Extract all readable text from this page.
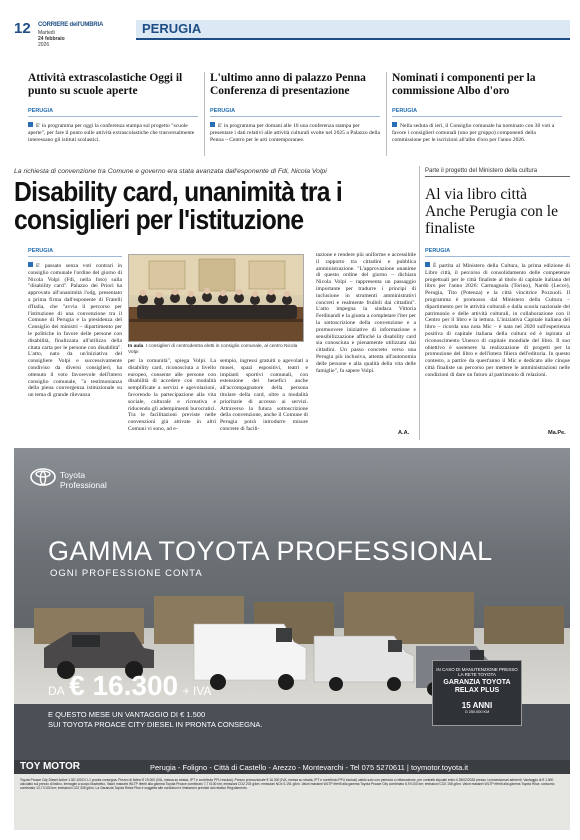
12 CORRIERE dell'UMBRIA
Martedì
24 febbraio
2026
PERUGIA
Attività extrascolastiche Oggi il punto su scuole aperte
PERUGIA
E' in programma per oggi la conferenza stampa sul progetto "scuole aperte", per fare il punto sulle attività extrascolastiche che trasversalmente interessano gli istituti scolastici.
L'ultimo anno di palazzo Penna Conferenza di presentazione
PERUGIA
E' in programma per domani alle 10 una conferenza stampa per presentare i dati relativi alle attività culturali svolte nel 2025 a Palazzo della Penna – Centro per le arti contemporanee.
Nominati i componenti per la commissione Albo d'oro
PERUGIA
Nella seduta di ieri, il Consiglio comunale ha nominato con 30 voti a favore i consiglieri comunali (uno per gruppo) componenti della commissione per le iscrizioni all'albo d'oro per l'anno 2026.
La richiesta di convenzione tra Comune e governo era stata avanzata dall'esponente di Fdi, Nicola Volpi
Disability card, unanimità tra i consiglieri per l'istituzione
PERUGIA
E' passato senza voti contrari in consiglio comunale l'ordine del giorno di Nicola Volpi (Fdi, nella foto) sulla "disability card". Palazzo dei Priori ha approvato all'unanimità l'odg, presentato a prima firma dall'esponente di Fratelli d'Italia, che "avvia il percorso per l'istituzione di una convenzione tra il Comune di Perugia e la presidenza del Consiglio dei ministri – dipartimento per le politiche in favore delle persone con disabilità, finalizzata all'utilizzo della citata carta per le persone con disabilità". L'atto, nato da un'iniziativa del consigliere Volpi e successivamente condiviso da diversi consiglieri, ha ottenuto il voto favorevole dell'intero consiglio comunale, "a testimonianza della piena convergenza istituzionale su un tema di grande rilevanza
In aula I consiglieri di centrodestra eletti in consiglio comunale, al centro Nicola Volpi
per la comunità", spiega Volpi. La disability card, riconosciuta a livello europeo, consente alle persone con disabilità di accedere con modalità semplificate a servizi e agevolazioni, favorendo la partecipazione alla vita sociale, culturale e ricreativa e riducendo gli adempimenti burocratici. Tra le facilitazioni previste nelle convenzioni già attivate in altri Comuni vi sono, ad e-
sempio, ingressi gratuiti o agevolati a musei, spazi espositivi, teatri e impianti sportivi comunali, con estensione dei benefici anche all'accompagnatore della persona titolare della card, oltre a modalità prioritarie di accesso ai servizi. Attraverso la futura sottoscrizione della convenzione, anche il Comune di Perugia potrà introdurre misure concrete di facili-
tazione e rendere più uniforme e accessibile il rapporto tra cittadini e pubblica amministrazione. "L'approvazione unanime di questo ordine del giorno – dichiara Nicola Volpi – rappresenta un passaggio importante per tradurre i principi di inclusione in strumenti amministrativi concreti e realmente fruibili dai cittadini". L'atto impegna la sindaca Vittoria Ferdinandi e la giunta a completare l'iter per la sottoscrizione della convenzione e a promuovere iniziative di informazione e sensibilizzazione affinché la disability card sia conosciuta e pienamente utilizzata dai cittadini. Un passo concreto verso una Perugia più inclusiva, attenta all'autonomia delle persone e alla qualità della vita delle famiglie", fa sapere Volpi.
A.A.
Parte il progetto del Ministero della cultura
Al via libro città Anche Perugia con le finaliste
PERUGIA
È partita al Ministero della Cultura, la prima edizione di Libro città, il percorso di consolidamento delle competenze progettuali per le città finaliste al titolo di capitale italiana del libro per l'anno 2026: Carmagnola (Torino), Nardò (Lecce), Perugia, Tito (Potenza) e la città vincitrice Pozzuoli. Il programma è promosso dal Ministero della Cultura – dipartimento per le attività culturali e dalla scuola nazionale del patrimonio e delle attività culturali, in collaborazione con il Centro per il libro e la lettura. L'iniziativa Capitale italiana del libro – ricorda una nota Mic – è nata nel 2020 sull'esperienza positiva di capitale italiana della cultura ed è ispirata al riconoscimento Unesco di capitale mondiale del libro. Il suo obiettivo è sostenere la realizzazione di progetti per la promozione del libro e dell'intera filiera dell'editoria. In questo contesto, a partire da quest'anno il Mic e dedicato alle cinque città finaliste un percorso per mettere le amministrazioni nelle condizioni di dare un futuro al patrimonio di relazioni.
Ma.Pe.
Toyota
Professional
GAMMA TOYOTA PROFESSIONAL
OGNI PROFESSIONE CONTA
DA € 16.300 + IVA
E QUESTO MESE UN VANTAGGIO DI € 1.500
SUI TOYOTA PROACE CITY DIESEL IN PRONTA CONSEGNA.
IN CASO DI MANUTENZIONE PRESSO LA RETE TOYOTA
GARANZIA TOYOTA RELAX PLUS
15 ANNI
O 250.000 KM
TOY MOTOR	Perugia - Foligno - Città di Castello - Arezzo - Montevarchi - Tel 075 5270611 | toymotor.toyota.it
Toyota Proace City Diesel Active 1.5D 100CV L1 pronta consegna. Prezzo di listino € 19.000 (IVA, messa su strada, IPT e contributo PFU esclusi). Prezzo promozionale € 16.300 (IVA, messa su strada, IPT e contributo PFU esclusi) valido solo con permuta o rottamazione, per contratti stipulati entro il 28/02/2026 presso i concessionari aderenti. Vantaggio di € 1.500 calcolato sul prezzo di listino. Immagini a scopo illustrativo. Valori massimi WLTP riferiti alla gamma Toyota Proace combinato 7,7 l/100 km; emissioni CO2 203 g/km; emissioni NOx 0,191 g/km. Valori massimi WLTP riferiti alla gamma Toyota Proace City combinato 6,9 l/100 km; emissioni CO2 156 g/km. Valori massimi WLTP riferiti alla gamma Toyota Hilux: consumo combinato 12,7 l/100 km; emissioni CO2 335 g/km. La Garanzia Toyota Relax Plus è soggetta alle condizioni e limitazioni previste dal relativo Regolamento.
